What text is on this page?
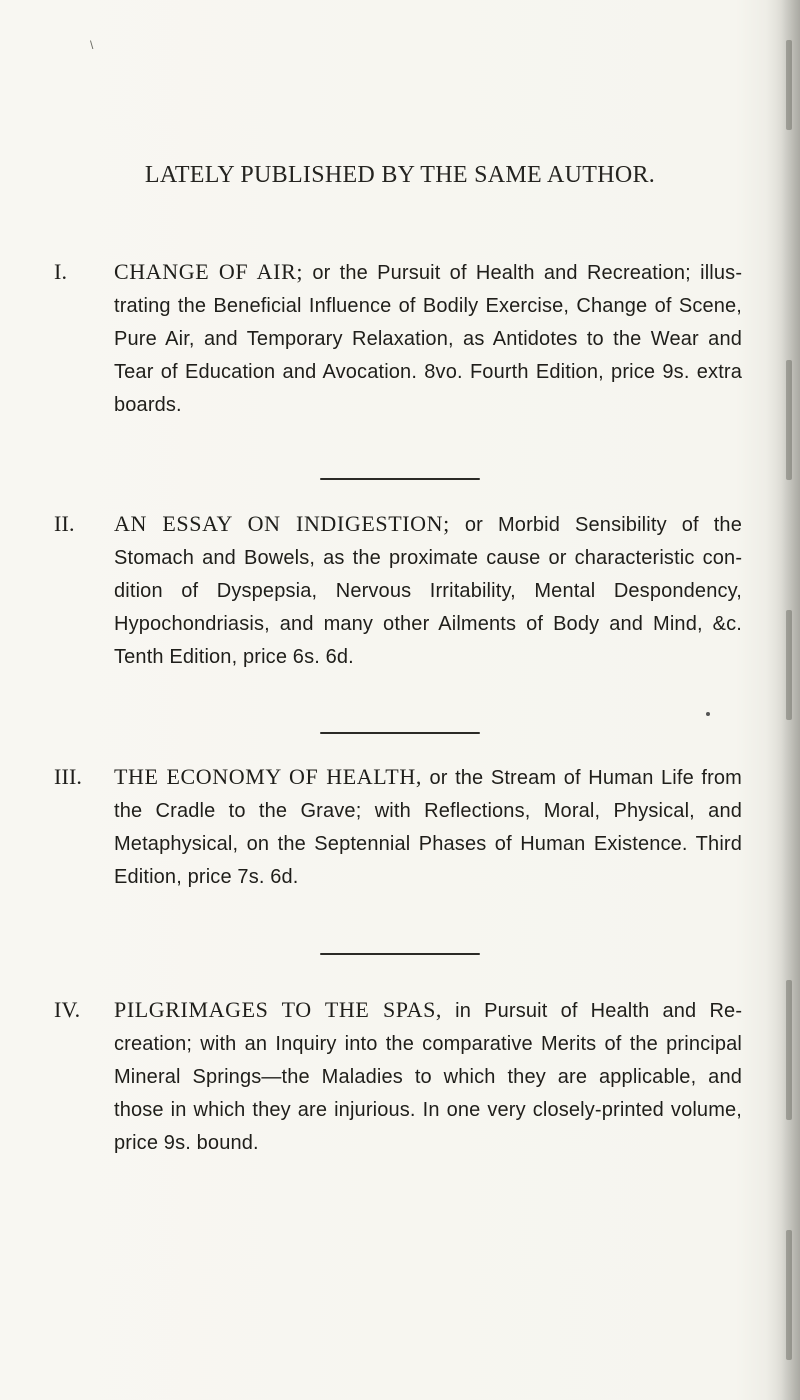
\
LATELY PUBLISHED BY THE SAME AUTHOR.
I. CHANGE OF AIR; or the Pursuit of Health and Recreation; illustrating the Beneficial Influence of Bodily Exercise, Change of Scene, Pure Air, and Temporary Relaxation, as Antidotes to the Wear and Tear of Education and Avocation. 8vo. Fourth Edition, price 9s. extra boards.
II. AN ESSAY ON INDIGESTION; or Morbid Sensibility of the Stomach and Bowels, as the proximate cause or characteristic condition of Dyspepsia, Nervous Irritability, Mental Despondency, Hypochondriasis, and many other Ailments of Body and Mind, &c. Tenth Edition, price 6s. 6d.
III. THE ECONOMY OF HEALTH, or the Stream of Human Life from the Cradle to the Grave; with Reflections, Moral, Physical, and Metaphysical, on the Septennial Phases of Human Existence. Third Edition, price 7s. 6d.
IV. PILGRIMAGES TO THE SPAS, in Pursuit of Health and Recreation; with an Inquiry into the comparative Merits of the principal Mineral Springs—the Maladies to which they are applicable, and those in which they are injurious. In one very closely-printed volume, price 9s. bound.
